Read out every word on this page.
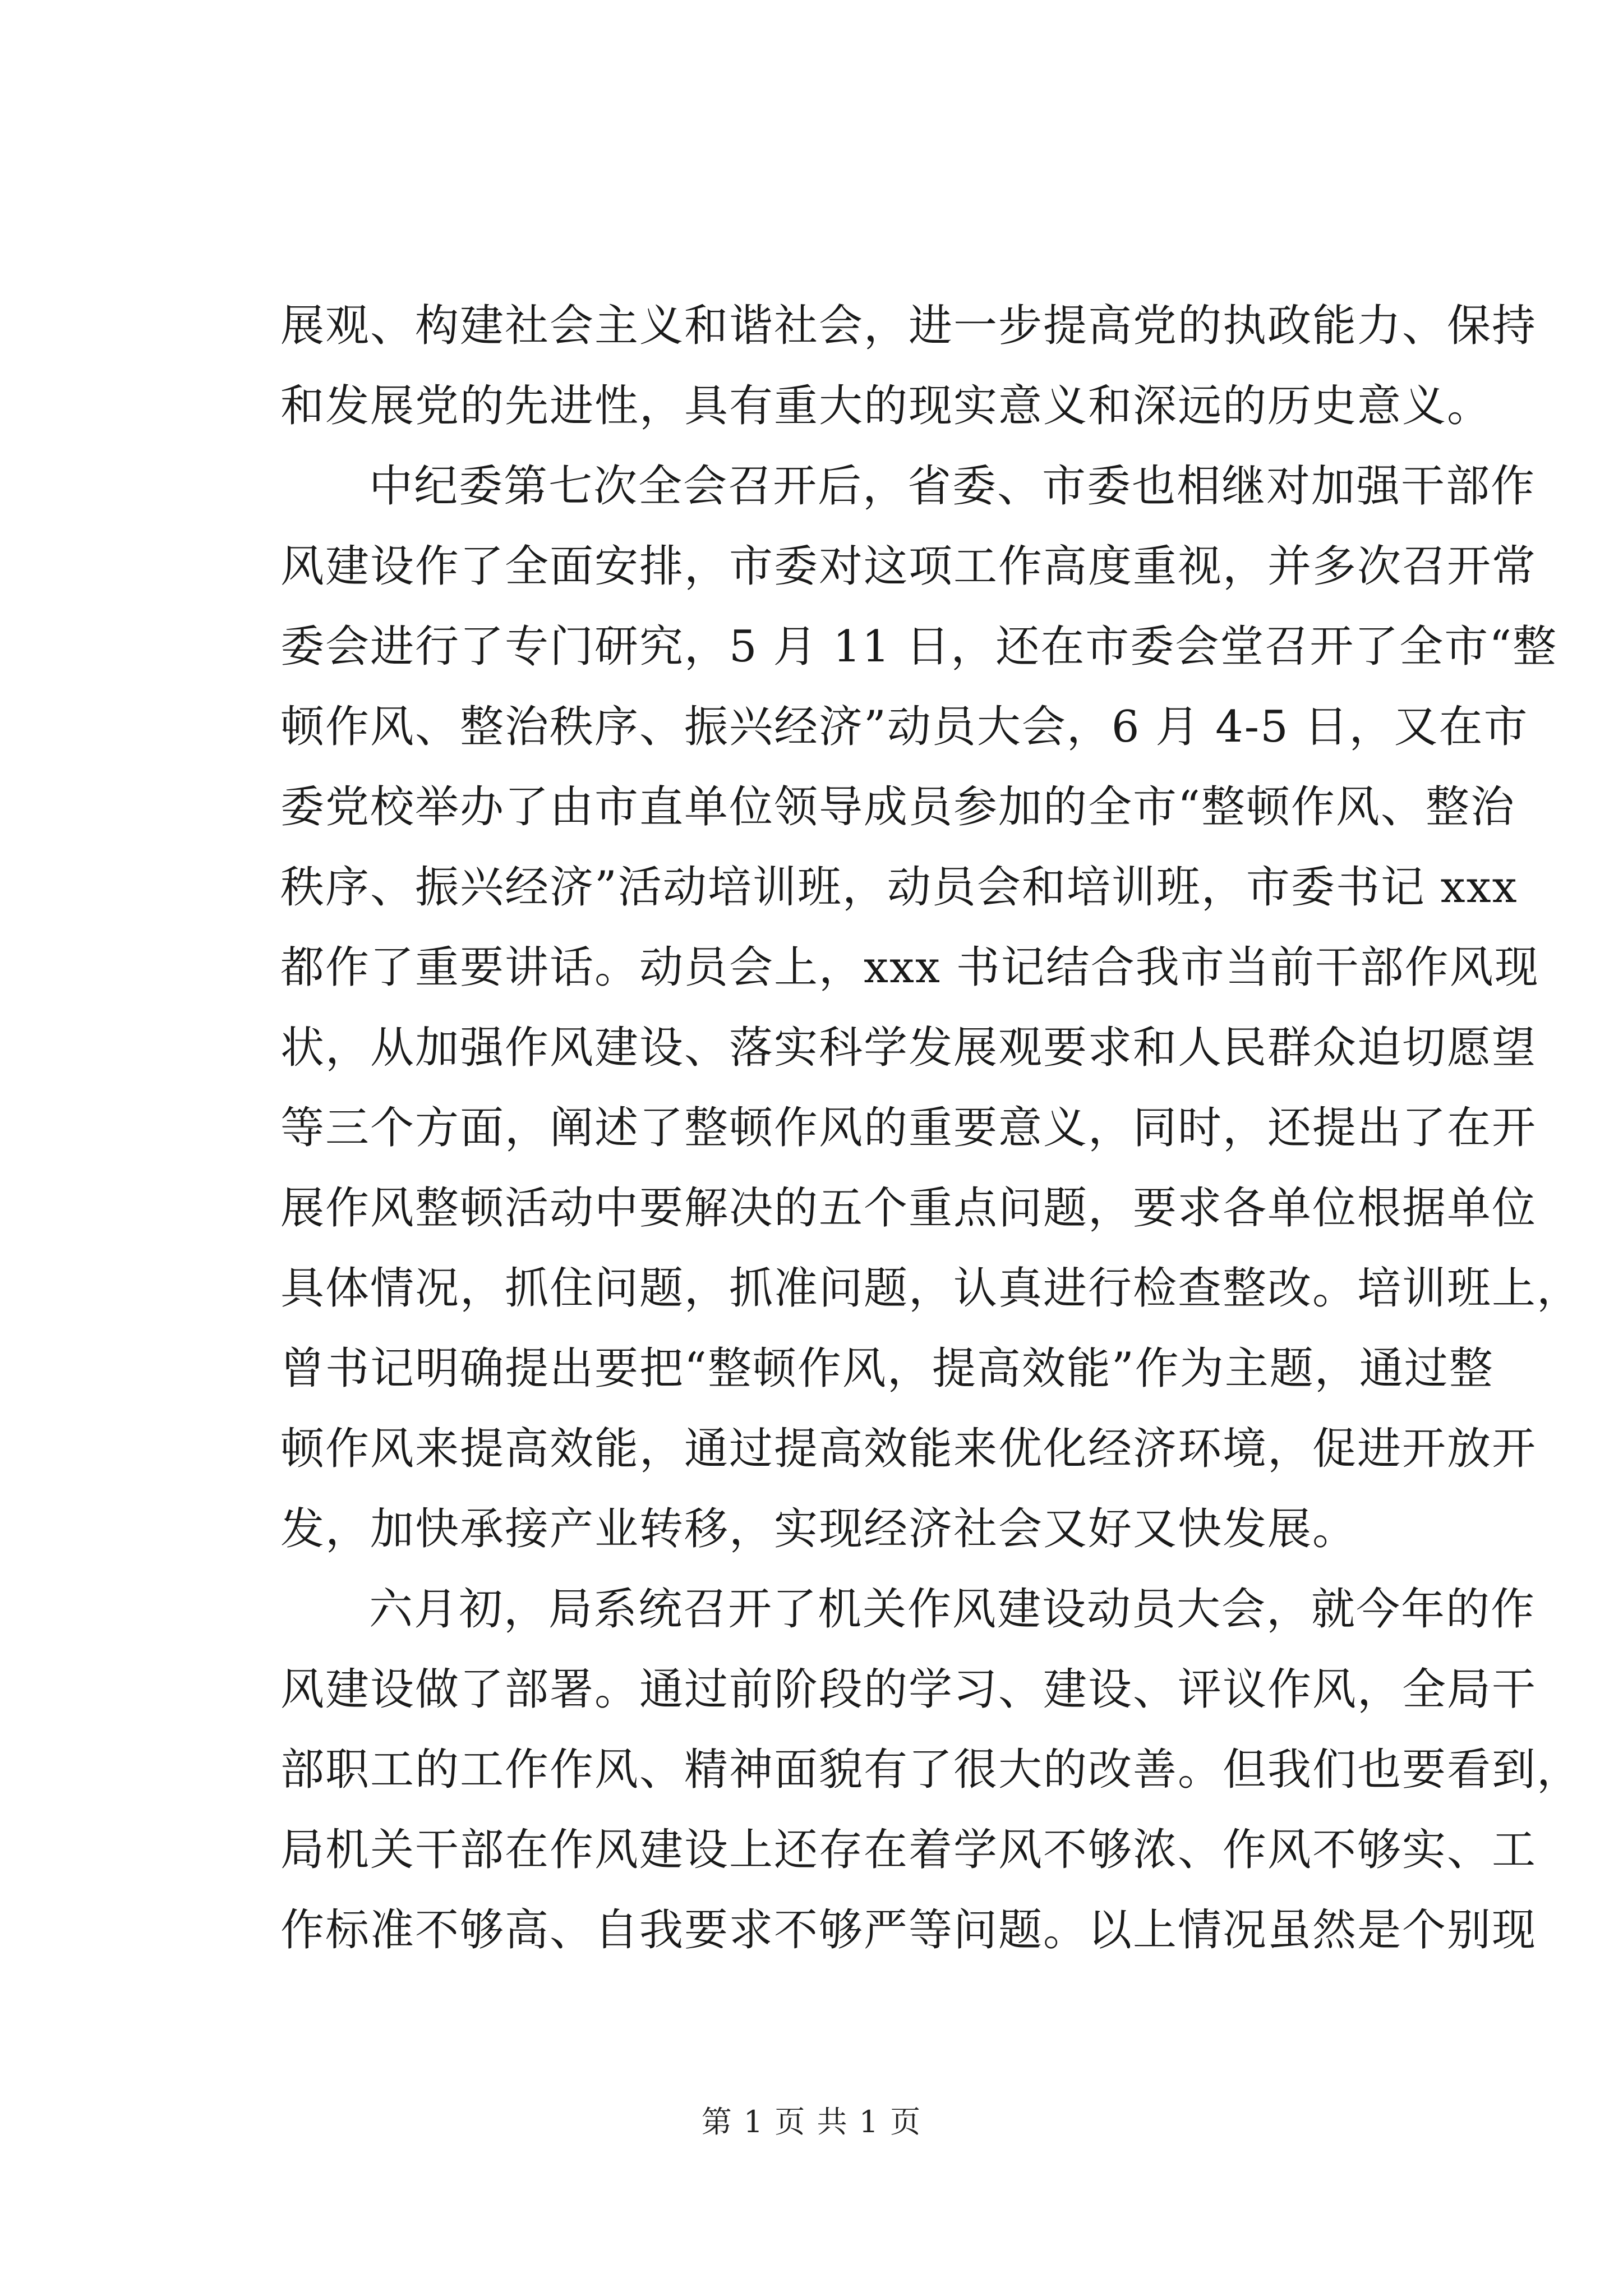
展观、构建社会主义和谐社会，进一步提高党的执政能力、保持
和发展党的先进性，具有重大的现实意义和深远的历史意义。
中纪委第七次全会召开后，省委、市委也相继对加强干部作
风建设作了全面安排，市委对这项工作高度重视，并多次召开常
委会进行了专门研究，5 月 11 日，还在市委会堂召开了全市“整
顿作风、整治秩序、振兴经济”动员大会，6 月 4-5 日，又在市
委党校举办了由市直单位领导成员参加的全市“整顿作风、整治
秩序、振兴经济”活动培训班，动员会和培训班，市委书记 xxx
都作了重要讲话。动员会上，xxx 书记结合我市当前干部作风现
状，从加强作风建设、落实科学发展观要求和人民群众迫切愿望
等三个方面，阐述了整顿作风的重要意义，同时，还提出了在开
展作风整顿活动中要解决的五个重点问题，要求各单位根据单位
具体情况，抓住问题，抓准问题，认真进行检查整改。培训班上，
曾书记明确提出要把“整顿作风，提高效能”作为主题，通过整
顿作风来提高效能，通过提高效能来优化经济环境，促进开放开
发，加快承接产业转移，实现经济社会又好又快发展。
六月初，局系统召开了机关作风建设动员大会，就今年的作
风建设做了部署。通过前阶段的学习、建设、评议作风，全局干
部职工的工作作风、精神面貌有了很大的改善。但我们也要看到，
局机关干部在作风建设上还存在着学风不够浓、作风不够实、工
作标准不够高、自我要求不够严等问题。以上情况虽然是个别现
第 1 页 共 1 页
